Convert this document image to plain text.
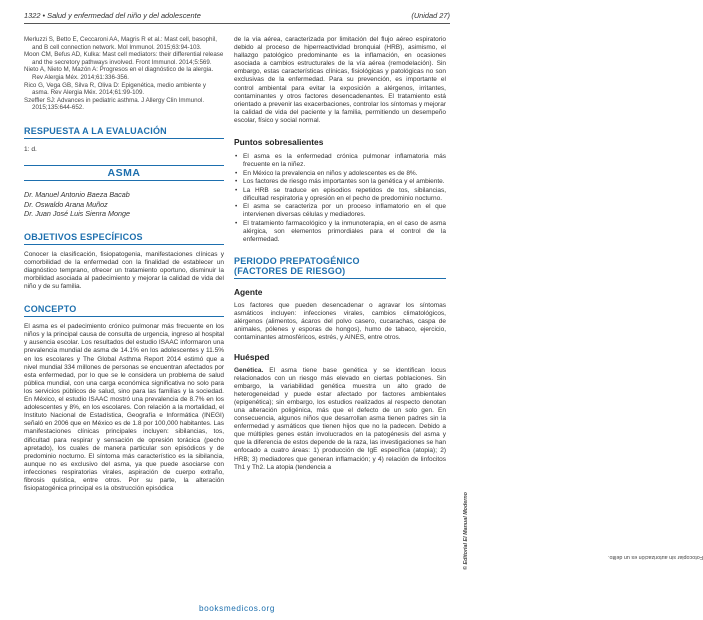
1322 • Salud y enfermedad del niño y del adolescente	(Unidad 27)

Merluzzi S, Betto E, Ceccaroni AA, Magris R et al.: Mast cell, basophil, and B cell connection network. Mol Immunol. 2015;63:94-103.

Moon CM, Befus AD, Kulka: Mast cell mediators: their differential release and the secretory pathways involved. Front Immunol. 2014;5:569.

Nieto A, Nieto M, Mazón A: Progresos en el diagnóstico de la alergia. Rev Alergia Méx. 2014;61:336-356.

Rico G, Vega GB, Silva R, Oliva D: Epigenética, medio ambiente y asma. Rev Alergia Méx. 2014;61:99-109.

Szeffler SJ: Advances in pediatric asthma. J Allergy Clin Immunol. 2015;135:644-652.

RESPUESTA A LA EVALUACIÓN
1: d.
ASMA

Dr. Manuel Antonio Baeza Bacab

Dr. Oswaldo Arana Muñoz

Dr. Juan José Luis Sienra Monge

OBJETIVOS ESPECÍFICOS

Conocer la clasificación, fisiopatogenia, manifestaciones clínicas y comorbilidad de la enfermedad con la finalidad de establecer un diagnóstico temprano, ofrecer un tratamiento oportuno, disminuir la morbilidad asociada al padecimiento y mejorar la calidad de vida del niño y de su familia.

CONCEPTO

El asma es el padecimiento crónico pulmonar más frecuente en los niños y la principal causa de consulta de urgencia, ingreso al hospital y ausencia escolar. Los resultados del estudio ISAAC informaron una prevalencia mundial de asma de 14.1% en los adolescentes y 11.5% en los escolares y The Global Asthma Report 2014 estimó que a nivel mundial 334 millones de personas se encuentran afectados por esta enfermedad, por lo que se le considera un problema de salud pública mundial, con una carga económica significativa no solo para los servicios públicos de salud, sino para las familias y la sociedad. En México, el estudio ISAAC mostró una prevalencia de 8.7% en los adolescentes y 8%, en los escolares. Con relación a la mortalidad, el Instituto Nacional de Estadística, Geografía e Informática (INEGI) señaló en 2006 que en México es de 1.8 por 100,000 habitantes. Las manifestaciones clínicas principales incluyen: sibilancias, tos, dificultad para respirar y sensación de opresión torácica (pecho apretado), los cuales de manera particular son episódicos y de predominio nocturno. El síntoma más característico es la sibilancia, aunque no es exclusivo del asma, ya que puede asociarse con infecciones respiratorias virales, aspiración de cuerpo extraño, fibrosis quística, entre otros. Por su parte, la alteración fisiopatogénica principal es la obstrucción episódica

de la vía aérea, caracterizada por limitación del flujo aéreo espiratorio debido al proceso de hiperreactividad bronquial (HRB), asimismo, el hallazgo patológico predominante es la inflamación, en ocasiones asociada a cambios estructurales de la vía aérea (remodelación). Sin embargo, estas características clínicas, fisiológicas y patológicas no son exclusivas de la enfermedad. Para su prevención, es importante el control ambiental para evitar la exposición a alérgenos, irritantes, contaminantes y otros factores desencadenantes. El tratamiento está orientado a prevenir las exacerbaciones, controlar los síntomas y mejorar la calidad de vida del paciente y la familia, permitiendo un desempeño escolar, físico y social normal.

Puntos sobresalientes
• El asma es la enfermedad crónica pulmonar inflamatoria más frecuente en la niñez.
• En México la prevalencia en niños y adolescentes es de 8%.
• Los factores de riesgo más importantes son la genética y el ambiente.
• La HRB se traduce en episodios repetidos de tos, sibilancias, dificultad respiratoria y opresión en el pecho de predominio nocturno.
• El asma se caracteriza por un proceso inflamatorio en el que intervienen diversas células y mediadores.
• El tratamiento farmacológico y la inmunoterapia, en el caso de asma alérgica, son elementos primordiales para el control de la enfermedad.
PERIODO PREPATOGÉNICO
(FACTORES DE RIESGO)
Agente

Los factores que pueden desencadenar o agravar los síntomas asmáticos incluyen: infecciones virales, cambios climatológicos, alérgenos (alimentos, ácaros del polvo casero, cucarachas, caspa de animales, pólenes y esporas de hongos), humo de tabaco, ejercicio, contaminantes atmosféricos, estrés, y AINES, entre otros.

Huésped

Genética. El asma tiene base genética y se identifican locus relacionados con un riesgo más elevado en ciertas poblaciones. Sin embargo, la variabilidad genética muestra un alto grado de heterogeneidad y puede estar afectado por factores ambientales (epigenética); sin embargo, los estudios realizados al respecto denotan una alteración poligénica, más que el defecto de un solo gen. En consecuencia, algunos niños que desarrollan asma tienen padres sin la enfermedad y asmáticos que tienen hijos que no la padecen. Debido a que múltiples genes están involucrados en la patogénesis del asma y que la diferencia de estos depende de la raza, las investigaciones se han enfocado a cuatro áreas: 1) producción de IgE específica (atopia); 2) HRB; 3) mediadores que generan inflamación; y 4) relación de linfocitos Th1 y Th2. La atopia (tendencia a

© Editorial El Manual Moderno	Fotocopiar sin autorización es un delito.
booksmedicos.org
